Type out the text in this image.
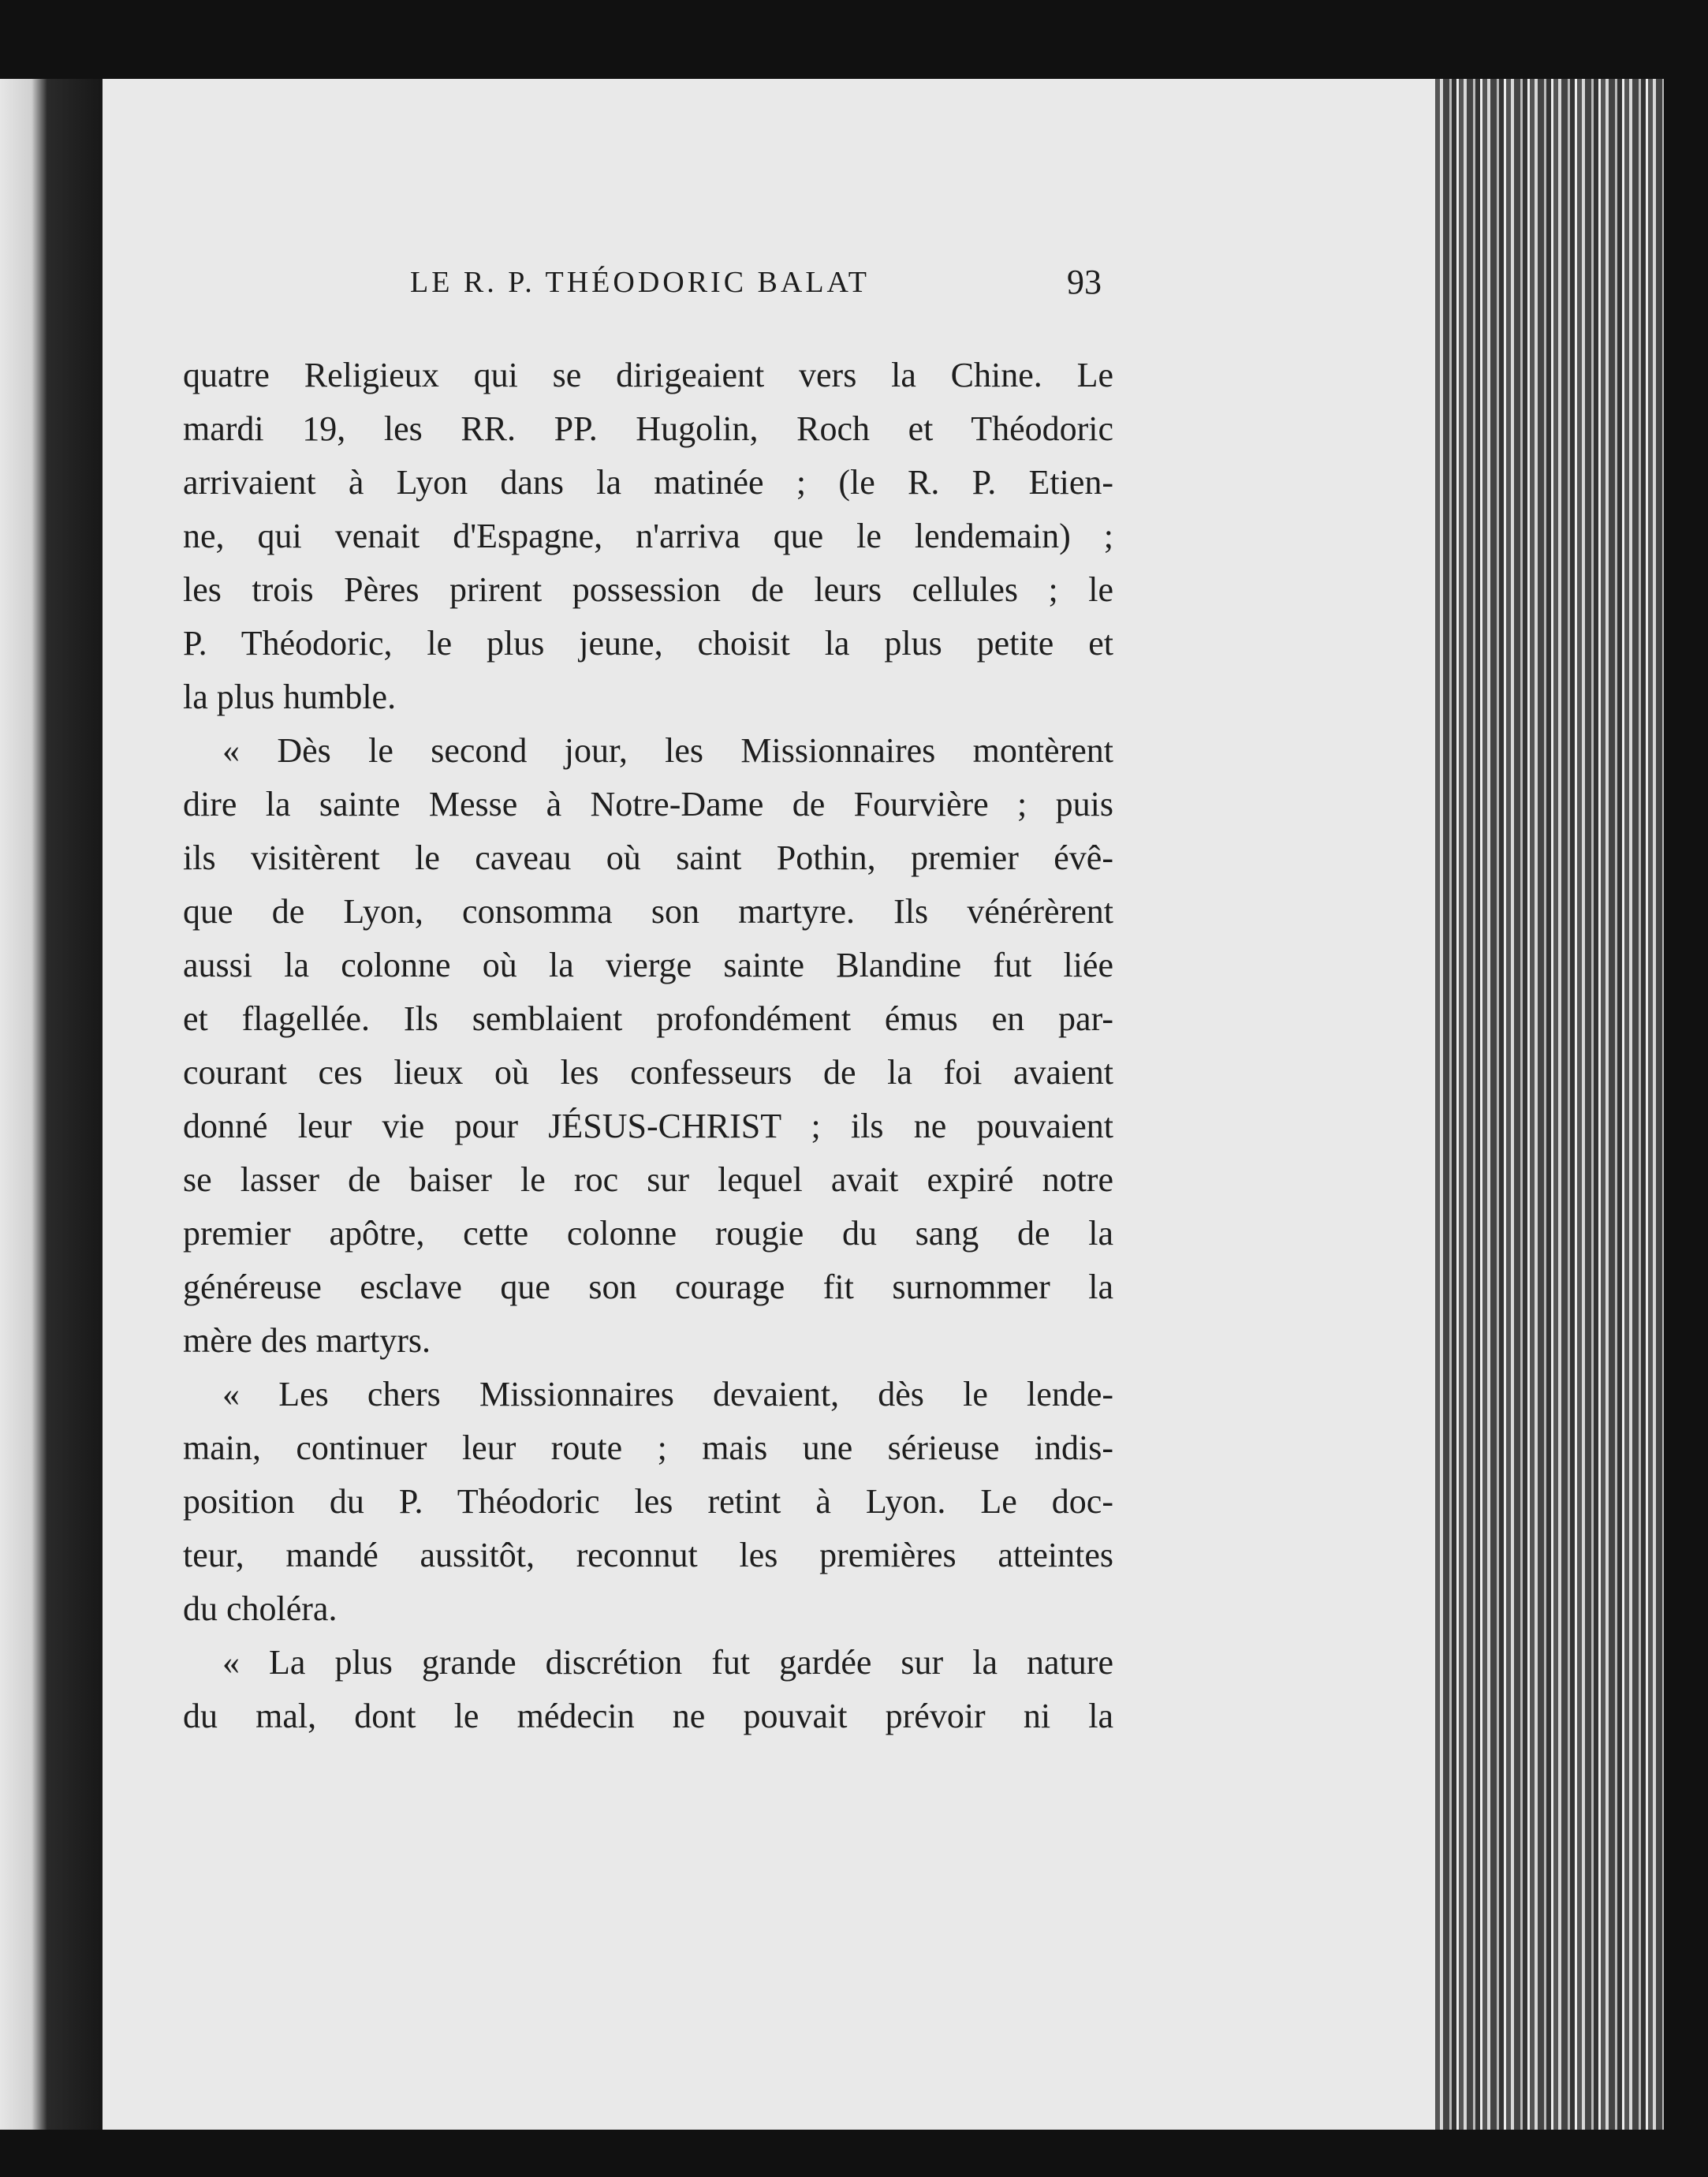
LE R. P. THÉODORIC BALAT	93
quatre Religieux qui se dirigeaient vers la Chine. Le
mardi 19, les RR. PP. Hugolin, Roch et Théodoric
arrivaient à Lyon dans la matinée ; (le R. P. Etien-
ne, qui venait d'Espagne, n'arriva que le lendemain) ;
les trois Pères prirent possession de leurs cellules ; le
P. Théodoric, le plus jeune, choisit la plus petite et
la plus humble.
« Dès le second jour, les Missionnaires montèrent
dire la sainte Messe à Notre-Dame de Fourvière ; puis
ils visitèrent le caveau où saint Pothin, premier évê-
que de Lyon, consomma son martyre. Ils vénérèrent
aussi la colonne où la vierge sainte Blandine fut liée
et flagellée. Ils semblaient profondément émus en par-
courant ces lieux où les confesseurs de la foi avaient
donné leur vie pour JÉSUS-CHRIST ; ils ne pouvaient
se lasser de baiser le roc sur lequel avait expiré notre
premier apôtre, cette colonne rougie du sang de la
généreuse esclave que son courage fit surnommer la
mère des martyrs.
« Les chers Missionnaires devaient, dès le lende-
main, continuer leur route ; mais une sérieuse indis-
position du P. Théodoric les retint à Lyon. Le doc-
teur, mandé aussitôt, reconnut les premières atteintes
du choléra.
« La plus grande discrétion fut gardée sur la nature
du mal, dont le médecin ne pouvait prévoir ni la
